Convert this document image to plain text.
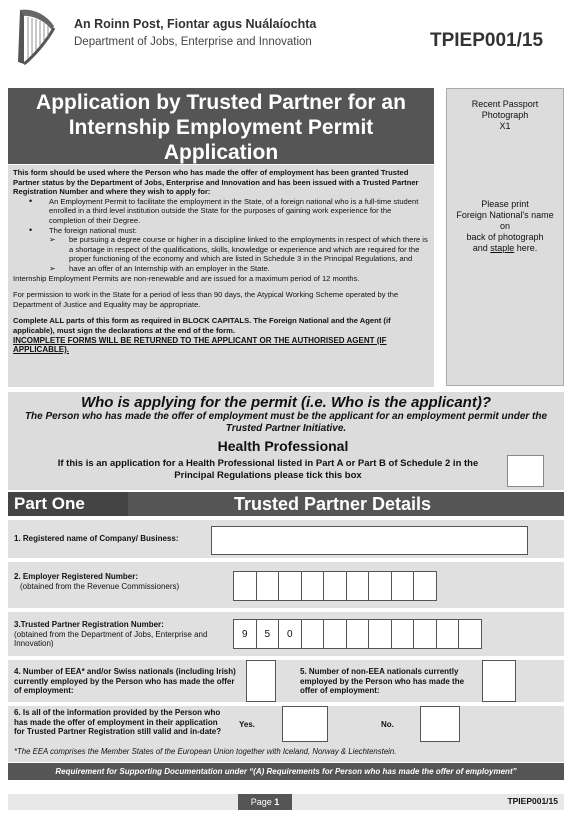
An Roinn Post, Fiontar agus Nuálaíochta
Department of Jobs, Enterprise and Innovation	TPIEP001/15
Application by Trusted Partner for an
Internship Employment Permit
Application

This form should be used where the Person who has made the offer of employment has been granted Trusted Partner status by the Department of Jobs, Enterprise and Innovation and has been issued with a Trusted Partner Registration Number and where they wish to apply for:

• An Employment Permit to facilitate the employment in the State, of a foreign national who is a full-time student enrolled in a third level institution outside the State for the purposes of gaining work experience for the completion of their Degree.
• The foreign national must:
➢ be pursuing a degree course or higher in a discipline linked to the employments in respect of which there is a shortage in respect of the qualifications, skills, knowledge or experience and which are required for the proper functioning of the economy and which are listed in Schedule 3 in the Principal Regulations, and
➢ have an offer of an Internship with an employer in the State.

Internship Employment Permits are non-renewable and are issued for a maximum period of 12 months.

For permission to work in the State for a period of less than 90 days, the Atypical Working Scheme operated by the Department of Justice and Equality may be appropriate.

Complete ALL parts of this form as required in BLOCK CAPITALS. The Foreign National and the Agent (if applicable), must sign the declarations at the end of the form.

INCOMPLETE FORMS WILL BE RETURNED TO THE APPLICANT OR THE AUTHORISED AGENT (IF APPLICABLE).

Recent Passport
Photograph
X1
Please print
Foreign National's name
on
back of photograph
and staple here.
Who is applying for the permit (i.e. Who is the applicant)?
The Person who has made the offer of employment must be the applicant for an employment permit under the Trusted Partner Initiative.
Health Professional
If this is an application for a Health Professional listed in Part A or Part B of Schedule 2 in the Principal Regulations please tick this box
Part One	Trusted Partner Details
1. Registered name of Company/ Business:
2. Employer Registered Number:
(obtained from the Revenue Commissioners)
3.Trusted Partner Registration Number:
(obtained from the Department of Jobs, Enterprise and Innovation)
9	5	0
4. Number of EEA* and/or Swiss nationals (including Irish) currently employed by the Person who has made the offer of employment:
5. Number of non-EEA nationals currently employed by the Person who has made the offer of employment:
6. Is all of the information provided by the Person who has made the offer of employment in their application for Trusted Partner Registration still valid and in-date?
Yes.	No.
*The EEA comprises the Member States of the European Union together with Iceland, Norway & Liechtenstein.
Requirement for Supporting Documentation under “(A) Requirements for Person who has made the offer of employment”
Page 1	TPIEP001/15
